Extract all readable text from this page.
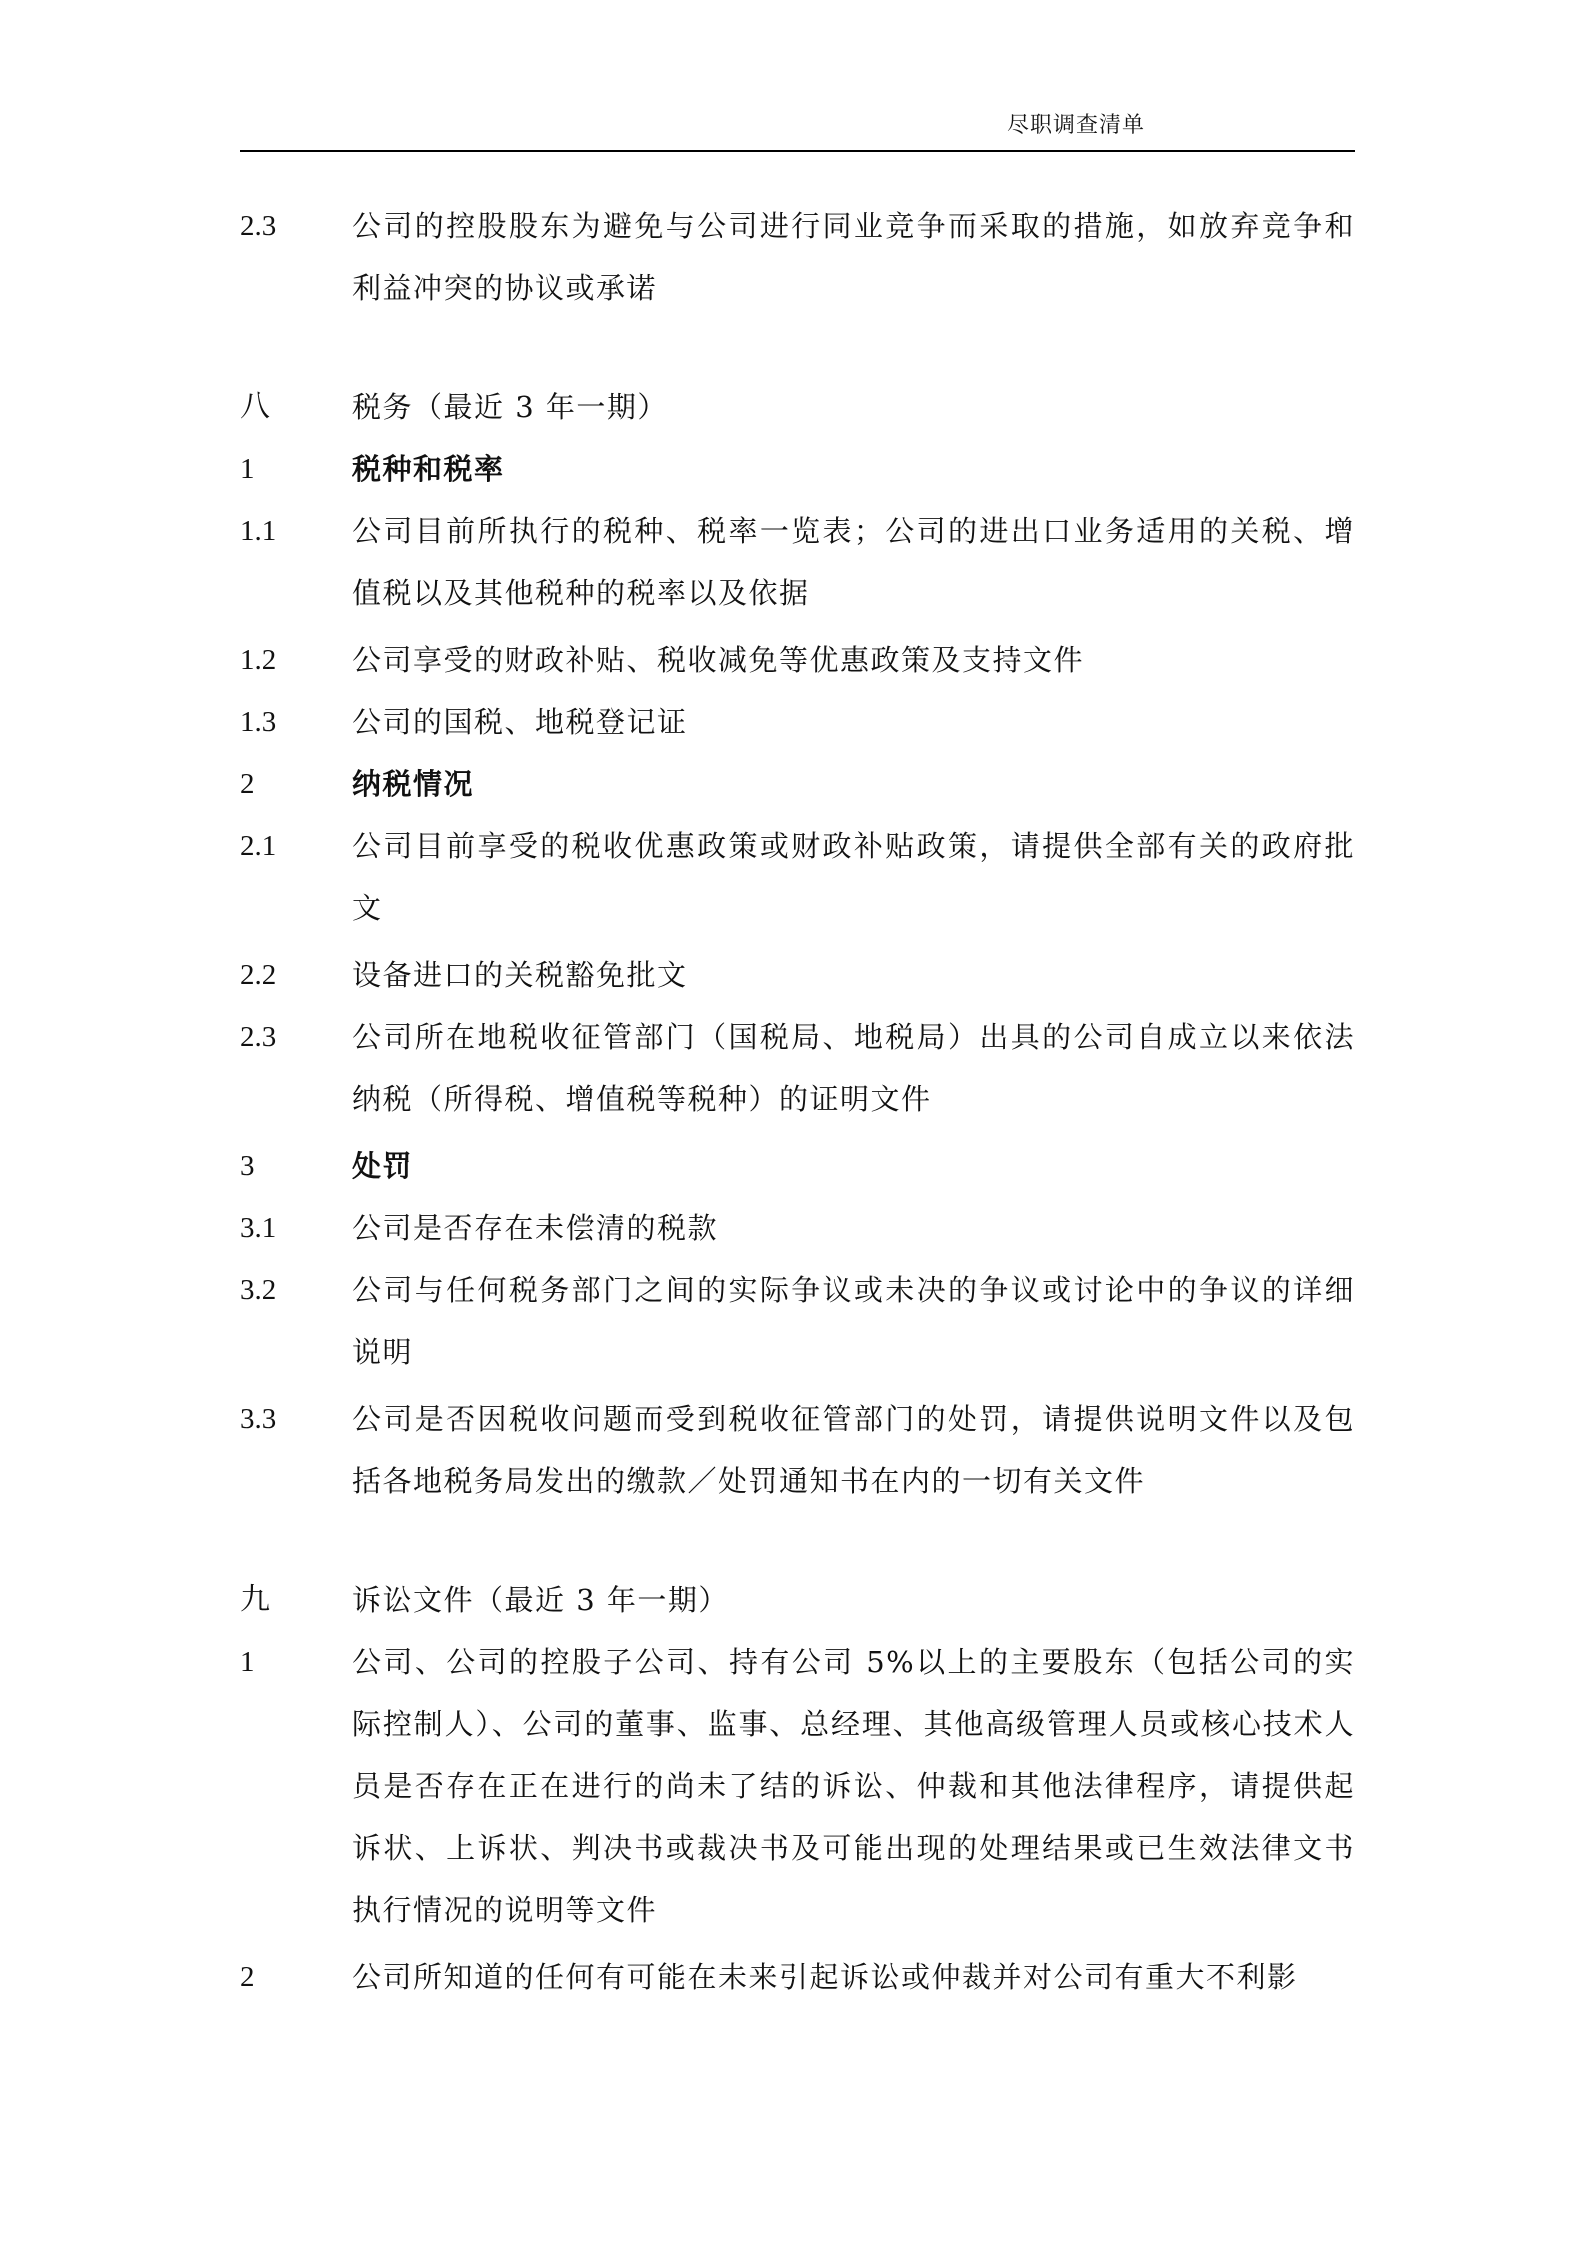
尽职调查清单
2.3	公司的控股股东为避免与公司进行同业竞争而采取的措施，如放弃竞争和利益冲突的协议或承诺
八	税务（最近 3 年一期）
1	税种和税率
1.1	公司目前所执行的税种、税率一览表；公司的进出口业务适用的关税、增值税以及其他税种的税率以及依据
1.2	公司享受的财政补贴、税收减免等优惠政策及支持文件
1.3	公司的国税、地税登记证
2	纳税情况
2.1	公司目前享受的税收优惠政策或财政补贴政策，请提供全部有关的政府批文
2.2	设备进口的关税豁免批文
2.3	公司所在地税收征管部门（国税局、地税局）出具的公司自成立以来依法纳税（所得税、增值税等税种）的证明文件
3	处罚
3.1	公司是否存在未偿清的税款
3.2	公司与任何税务部门之间的实际争议或未决的争议或讨论中的争议的详细说明
3.3	公司是否因税收问题而受到税收征管部门的处罚，请提供说明文件以及包括各地税务局发出的缴款／处罚通知书在内的一切有关文件
九	诉讼文件（最近 3 年一期）
1	公司、公司的控股子公司、持有公司 5%以上的主要股东（包括公司的实际控制人）、公司的董事、监事、总经理、其他高级管理人员或核心技术人员是否存在正在进行的尚未了结的诉讼、仲裁和其他法律程序，请提供起诉状、上诉状、判决书或裁决书及可能出现的处理结果或已生效法律文书执行情况的说明等文件
2	公司所知道的任何有可能在未来引起诉讼或仲裁并对公司有重大不利影
